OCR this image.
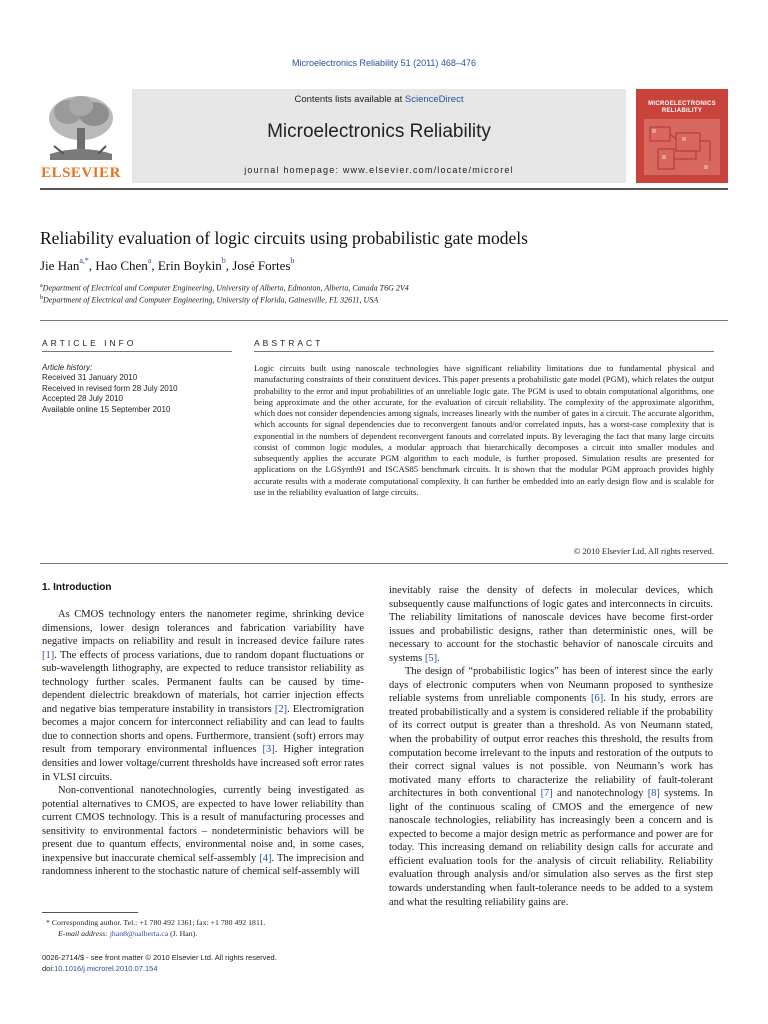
Microelectronics Reliability 51 (2011) 468–476
ELSEVIER
Contents lists available at ScienceDirect
Microelectronics Reliability
journal homepage: www.elsevier.com/locate/microrel
MICROELECTRONICS
RELIABILITY
Reliability evaluation of logic circuits using probabilistic gate models
Jie Han$^{a,*}$, Hao Chen$^a$, Erin Boykin$^b$, José Fortes$^b$
$^a$Department of Electrical and Computer Engineering, University of Alberta, Edmonton, Alberta, Canada T6G 2V4
$^b$Department of Electrical and Computer Engineering, University of Florida, Gainesville, FL 32611, USA
ARTICLE INFO
Article history:
Received 31 January 2010
Received in revised form 28 July 2010
Accepted 28 July 2010
Available online 15 September 2010
ABSTRACT
Logic circuits built using nanoscale technologies have significant reliability limitations due to fundamental physical and manufacturing constraints of their constituent devices. This paper presents a probabilistic gate model (PGM), which relates the output probability to the error and input probabilities of an unreliable logic gate. The PGM is used to obtain computational algorithms, one being approximate and the other accurate, for the evaluation of circuit reliability. The complexity of the approximate algorithm, which does not consider dependencies among signals, increases linearly with the number of gates in a circuit. The accurate algorithm, which accounts for signal dependencies due to reconvergent fanouts and/or correlated inputs, has a worst-case complexity that is exponential in the numbers of dependent reconvergent fanouts and correlated inputs. By leveraging the fact that many large circuits consist of common logic modules, a modular approach that hierarchically decomposes a circuit into smaller modules and subsequently applies the accurate PGM algorithm to each module, is further proposed. Simulation results are presented for applications on the LGSynth91 and ISCAS85 benchmark circuits. It is shown that the modular PGM approach provides highly accurate results with a moderate computational complexity. It can further be embedded into an early design flow and is scalable for use in the reliability evaluation of large circuits.
© 2010 Elsevier Ltd. All rights reserved.
1. Introduction

As CMOS technology enters the nanometer regime, shrinking device dimensions, lower design tolerances and fabrication variability have negative impacts on reliability and result in increased device failure rates [1]. The effects of process variations, due to random dopant fluctuations or sub-wavelength lithography, are expected to reduce transistor reliability as technology further scales. Permanent faults can be caused by time-dependent dielectric breakdown of materials, hot carrier injection effects and negative bias temperature instability in transistors [2]. Electromigration becomes a major concern for interconnect reliability and can lead to faults due to connection shorts and opens. Furthermore, transient (soft) errors may result from temporary environmental influences [3]. Higher integration densities and lower voltage/current thresholds have increased soft error rates in VLSI circuits.

Non-conventional nanotechnologies, currently being investigated as potential alternatives to CMOS, are expected to have lower reliability than current CMOS technology. This is a result of manufacturing processes and sensitivity to environmental factors – nondeterministic behaviors will be present due to quantum effects, environmental noise and, in some cases, inexpensive but inaccurate chemical self-assembly [4]. The imprecision and randomness inherent to the stochastic nature of chemical self-assembly will

inevitably raise the density of defects in molecular devices, which subsequently cause malfunctions of logic gates and interconnects in circuits. The reliability limitations of nanoscale devices have become first-order issues and probabilistic designs, rather than deterministic ones, will be necessary to account for the stochastic behavior of nanoscale circuits and systems [5].

The design of “probabilistic logics” has been of interest since the early days of electronic computers when von Neumann proposed to synthesize reliable systems from unreliable components [6]. In his study, errors are treated probabilistically and a system is considered reliable if the probability of its correct output is greater than a threshold. As von Neumann stated, when the probability of output error reaches this threshold, the results from computation become irrelevant to the inputs and restoration of the outputs to their correct signal values is not possible. von Neumann’s work has motivated many efforts to characterize the reliability of fault-tolerant architectures in both conventional [7] and nanotechnology [8] systems. In light of the continuous scaling of CMOS and the emergence of new nanoscale technologies, reliability has increasingly been a concern and is expected to become a major design metric as performance and power are for today. This increasing demand on reliability design calls for accurate and efficient evaluation tools for the analysis of circuit reliability. Reliability evaluation through analysis and/or simulation also serves as the first step towards understanding when fault-tolerance needs to be added to a system and what the resulting reliability gains are.

* Corresponding author. Tel.: +1 780 492 1361; fax: +1 780 492 1811.
E-mail address: jhan8@ualberta.ca (J. Han).
0026-2714/$ - see front matter © 2010 Elsevier Ltd. All rights reserved.
doi:10.1016/j.microrel.2010.07.154
